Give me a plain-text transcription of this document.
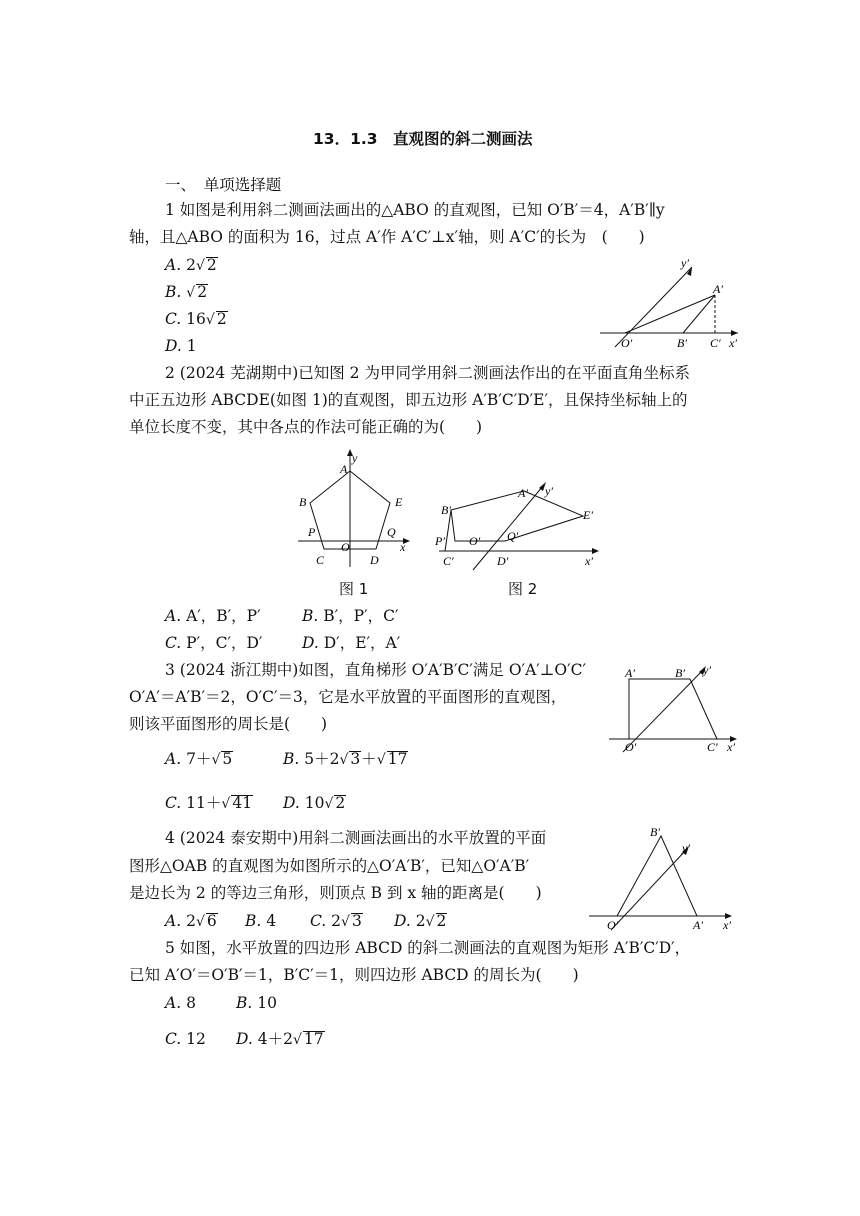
13．1.3　直观图的斜二测画法
一、　单项选择题
1 如图是利用斜二测画法画出的△ABO 的直观图，已知 O′B′＝4，A′B′∥y
轴，且△ABO 的面积为 16，过点 A′作 A′C′⊥x′轴，则 A′C′的长为　(　　)
A. 2√ 2
B. √ 2
C. 16√ 2
D. 1
y′
A′
O′	B′ C′ x′
2 (2024 芜湖期中)已知图 2 为甲同学用斜二测画法作出的在平面直角坐标系
中正五边形 ABCDE(如图 1)的直观图，即五边形 A′B′C′D′E′，且保持坐标轴上的
单位长度不变，其中各点的作法可能正确的为(　　)
y
A
B	E
P	Q
O
C	D
x
图 1
A′ y′
B′	E′
P′ O′ Q′
C′	D′	x′
图 2
A. A′，B′，P′	B. B′，P′，C′
C. P′，C′，D′	D. D′，E′，A′
3 (2024 浙江期中)如图，直角梯形 O′A′B′C′满足 O′A′⊥O′C′
O′A′＝A′B′＝2，O′C′＝3，它是水平放置的平面图形的直观图，
则该平面图形的周长是(　　)
A′	B′ y′
O′	C′ x′
A. 7＋√ 5	B. 5＋2√ 3＋√ 17
C. 11＋√ 41 D. 10√ 2
4 (2024 泰安期中)用斜二测画法画出的水平放置的平面
图形△OAB 的直观图为如图所示的△O′A′B′，已知△O′A′B′
是边长为 2 的等边三角形，则顶点 B 到 x 轴的距离是(　　)
B′
y′
O′	A′ x′
A. 2√ 6 B. 4 C. 2√ 3 D. 2√ 2
5 如图，水平放置的四边形 ABCD 的斜二测画法的直观图为矩形 A′B′C′D′，
已知 A′O′＝O′B′＝1，B′C′＝1，则四边形 ABCD 的周长为(　　)
A. 8	B. 10
C. 12 D. 4＋2√ 17
